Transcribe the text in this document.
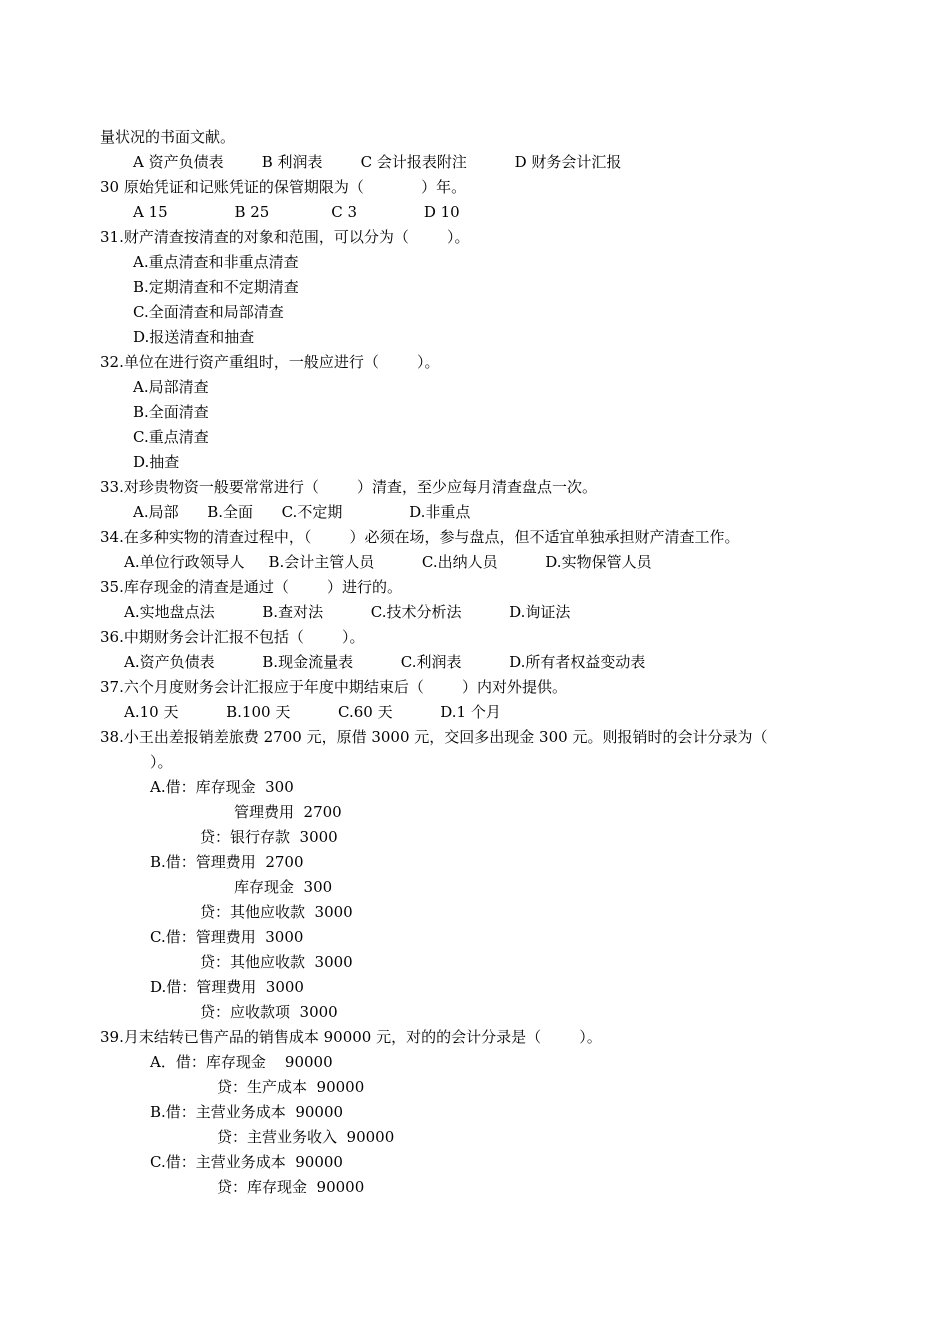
量状况的书面文献。
A 资产负债表        B 利润表        C 会计报表附注          D 财务会计汇报
30 原始凭证和记账凭证的保管期限为（            ）年。
A 15              B 25             C 3              D 10
31.财产清查按清查的对象和范围，可以分为（        ）。
A.重点清查和非重点清查
B.定期清查和不定期清查
C.全面清查和局部清查
D.报送清查和抽查
32.单位在进行资产重组时，一般应进行（        ）。
A.局部清查
B.全面清查
C.重点清查
D.抽查
33.对珍贵物资一般要常常进行（        ）清查，至少应每月清查盘点一次。
A.局部      B.全面      C.不定期              D.非重点
34.在多种实物的清查过程中，（        ）必须在场，参与盘点，但不适宜单独承担财产清查工作。
A.单位行政领导人     B.会计主管人员          C.出纳人员          D.实物保管人员
35.库存现金的清查是通过（        ）进行的。
A.实地盘点法          B.查对法          C.技术分析法          D.询证法
36.中期财务会计汇报不包括（        ）。
A.资产负债表          B.现金流量表          C.利润表          D.所有者权益变动表
37.六个月度财务会计汇报应于年度中期结束后（        ）内对外提供。
A.10 天          B.100 天          C.60 天          D.1 个月
38.小王出差报销差旅费 2700 元，原借 3000 元，交回多出现金 300 元。则报销时的会计分录为（
）。
A.借：库存现金  300
管理费用  2700
贷：银行存款  3000
B.借：管理费用  2700
库存现金  300
贷：其他应收款  3000
C.借：管理费用  3000
贷：其他应收款  3000
D.借：管理费用  3000
贷：应收款项  3000
39.月末结转已售产品的销售成本 90000 元，对的的会计分录是（        ）。
A．借：库存现金    90000
贷：生产成本  90000
B.借：主营业务成本  90000
贷：主营业务收入  90000
C.借：主营业务成本  90000
贷：库存现金  90000
